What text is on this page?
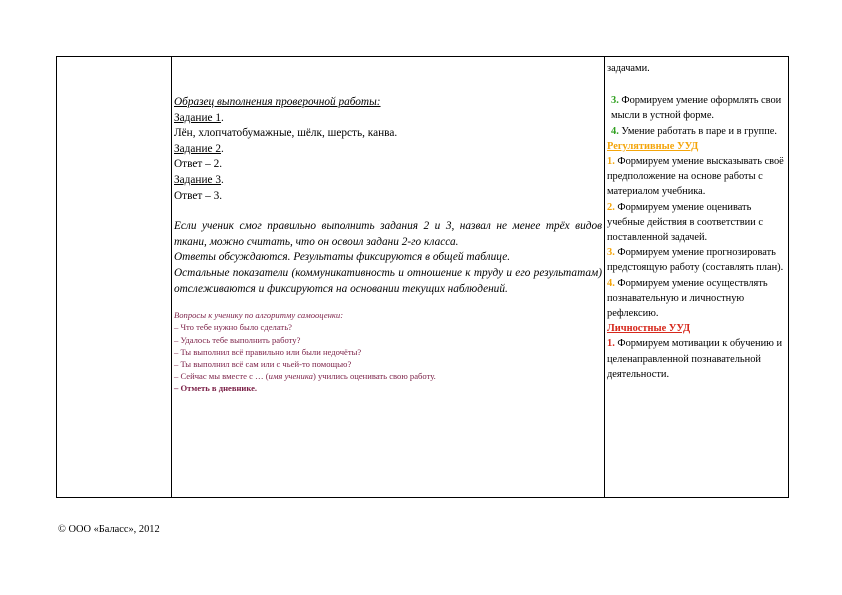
Образец выполнения проверочной работы:

Задание 1.

Лён, хлопчатобумажные, шёлк, шерсть, канва.

Задание 2.

Ответ – 2.

Задание 3.

Ответ – 3.

Если ученик смог правильно выполнить задания 2 и 3, назвал не менее трёх видов ткани, можно считать, что он освоил задани 2-го класса.

Ответы обсуждаются. Результаты фиксируются в общей таблице.

Остальные показатели (коммуникативность и отношение к труду и его результатам) отслеживаются и фиксируются на основании текущих наблюдений.

Вопросы к ученику по алгоритму самооценки:

– Что тебе нужно было сделать?

– Удалось тебе выполнить работу?

– Ты выполнил всё правильно или были недочёты?

– Ты выполнил всё сам или с чьей-то помощью?

– Сейчас мы вместе с … (имя ученика) учились оценивать свою работу.

– Отметь в дневнике.

задачами.

3. Формируем умение оформлять свои мысли в устной форме.

4. Умение работать в паре и в группе.

Регулятивные УУД

1. Формируем умение высказывать своё предположение на основе работы с материалом учебника.

2. Формируем умение оценивать учебные действия в соответствии с поставленной задачей.

3. Формируем умение прогнозировать предстоящую работу (составлять план).

4. Формируем умение осуществлять познавательную и личностную рефлексию.

Личностные УУД

1. Формируем мотивации к обучению и целенаправленной познавательной деятельности.

© ООО «Баласс», 2012
